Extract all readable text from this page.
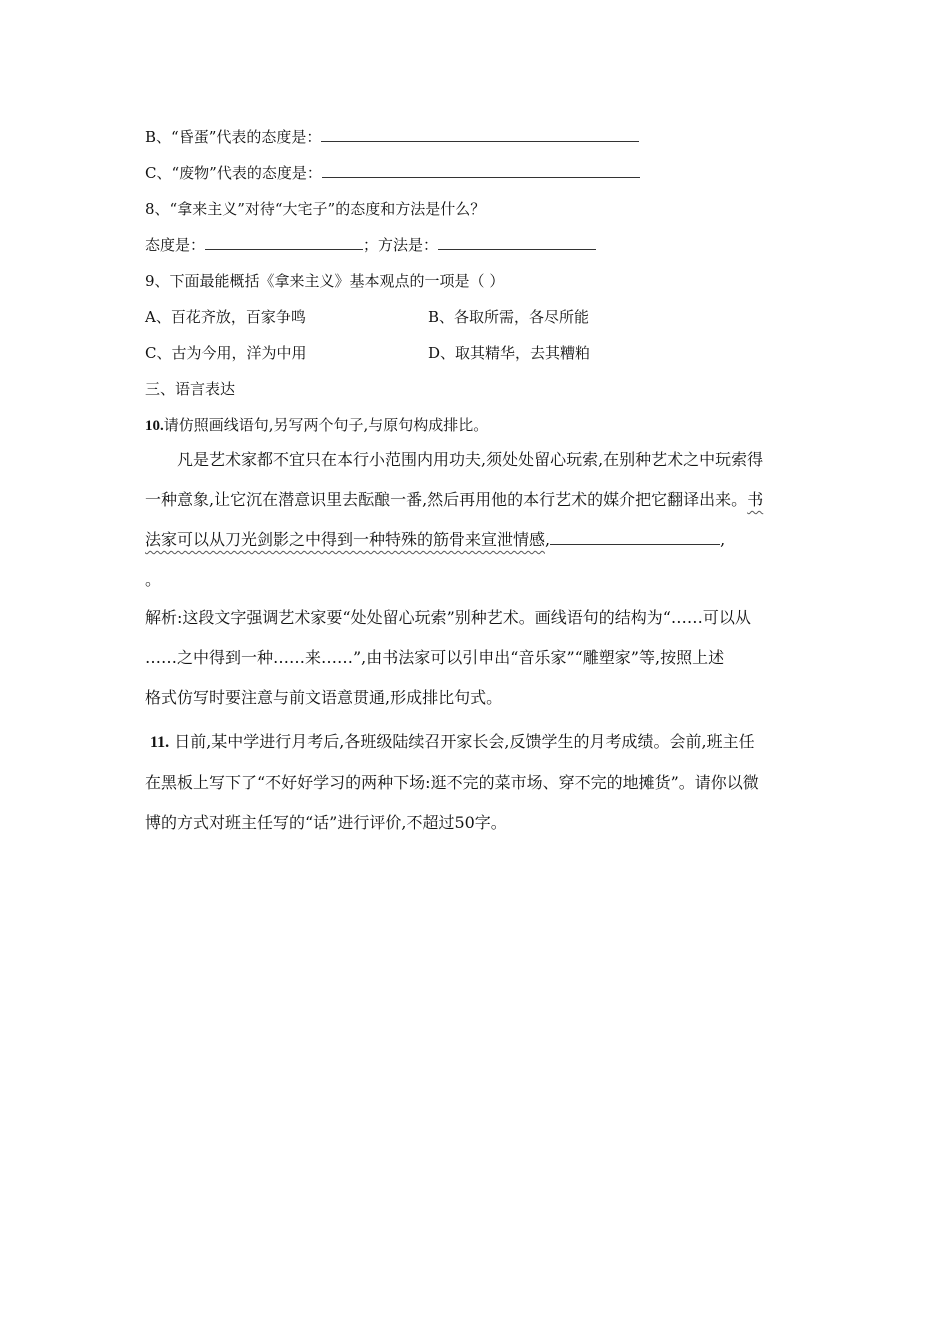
B、“昏蛋”代表的态度是：
C、“废物”代表的态度是：
8、“拿来主义”对待“大宅子”的态度和方法是什么？
态度是：	；方法是：
9、下面最能概括《拿来主义》基本观点的一项是（ ）
A、百花齐放，百家争鸣	B、各取所需，各尽所能
C、古为今用，洋为中用	D、取其精华，去其糟粕
三、语言表达
10.请仿照画线语句,另写两个句子,与原句构成排比。
凡是艺术家都不宜只在本行小范围内用功夫,须处处留心玩索,在别种艺术之中玩索得
一种意象,让它沉在潜意识里去酝酿一番,然后再用他的本行艺术的媒介把它翻译出来。书
法家可以从刀光剑影之中得到一种特殊的筋骨来宣泄情感,	,
。
解析:这段文字强调艺术家要“处处留心玩索”别种艺术。画线语句的结构为“……可以从
……之中得到一种……来……”,由书法家可以引申出“音乐家”“雕塑家”等,按照上述
格式仿写时要注意与前文语意贯通,形成排比句式。
11. 日前,某中学进行月考后,各班级陆续召开家长会,反馈学生的月考成绩。会前,班主任
在黑板上写下了“不好好学习的两种下场:逛不完的菜市场、穿不完的地摊货”。请你以微
博的方式对班主任写的“话”进行评价,不超过50字。
